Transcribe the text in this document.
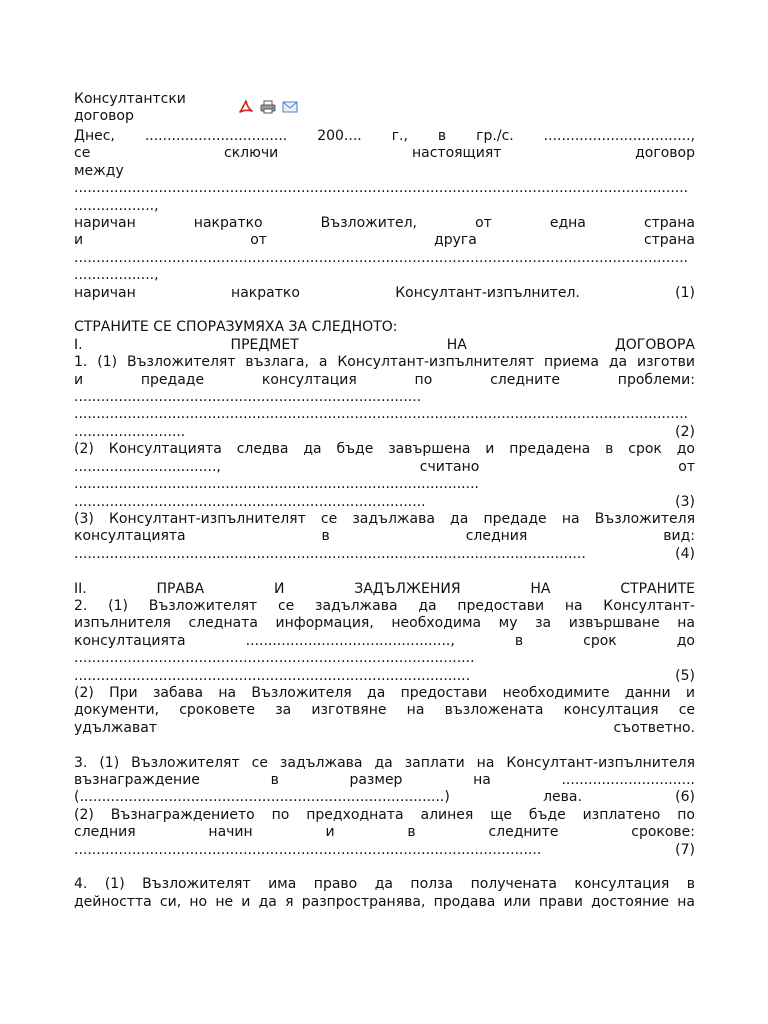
Консултантски
договор
Днес, ................................ 200.... г., в гр./с. .................................,
се сключи настоящият договор
между
..........................................................................................................................................
..................,
наричан накратко Възложител, от една страна
и от друга страна
..........................................................................................................................................
..................,
наричан накратко Консултант-изпълнител. (1)
СТРАНИТЕ СЕ СПОРАЗУМЯХА ЗА СЛЕДНОТО:
I. ПРЕДМЕТ НА ДОГОВОРА
1. (1) Възложителят възлага, а Консултант-изпълнителят приема да изготви
и предаде консултация по следните проблеми:
..............................................................................
..........................................................................................................................................
......................... (2)
(2) Консултацията следва да бъде завършена и предадена в срок до
................................, считано от
...........................................................................................
............................................................................... (3)
(3) Консултант-изпълнителят се задължава да предаде на Възложителя
консултацията в следния вид:
................................................................................................................... (4)
II. ПРАВА И ЗАДЪЛЖЕНИЯ НА СТРАНИТЕ
2. (1) Възложителят се задължава да предостави на Консултант-
изпълнителя следната информация, необходима му за извършване на
консултацията .............................................., в срок до
..........................................................................................
......................................................................................... (5)
(2) При забава на Възложителя да предостави необходимите данни и
документи, сроковете за изготвяне на възложената консултация се
удължават съответно.
3. (1) Възложителят се задължава да заплати на Консултант-изпълнителя
възнаграждение в размер на ..............................
(..................................................................................) лева. (6)
(2) Възнаграждението по предходната алинея ще бъде изплатено по
следния начин и в следните срокове:
......................................................................................................... (7)
4. (1) Възложителят има право да полза получената консултация в
дейността си, но не и да я разпространява, продава или прави достояние на
